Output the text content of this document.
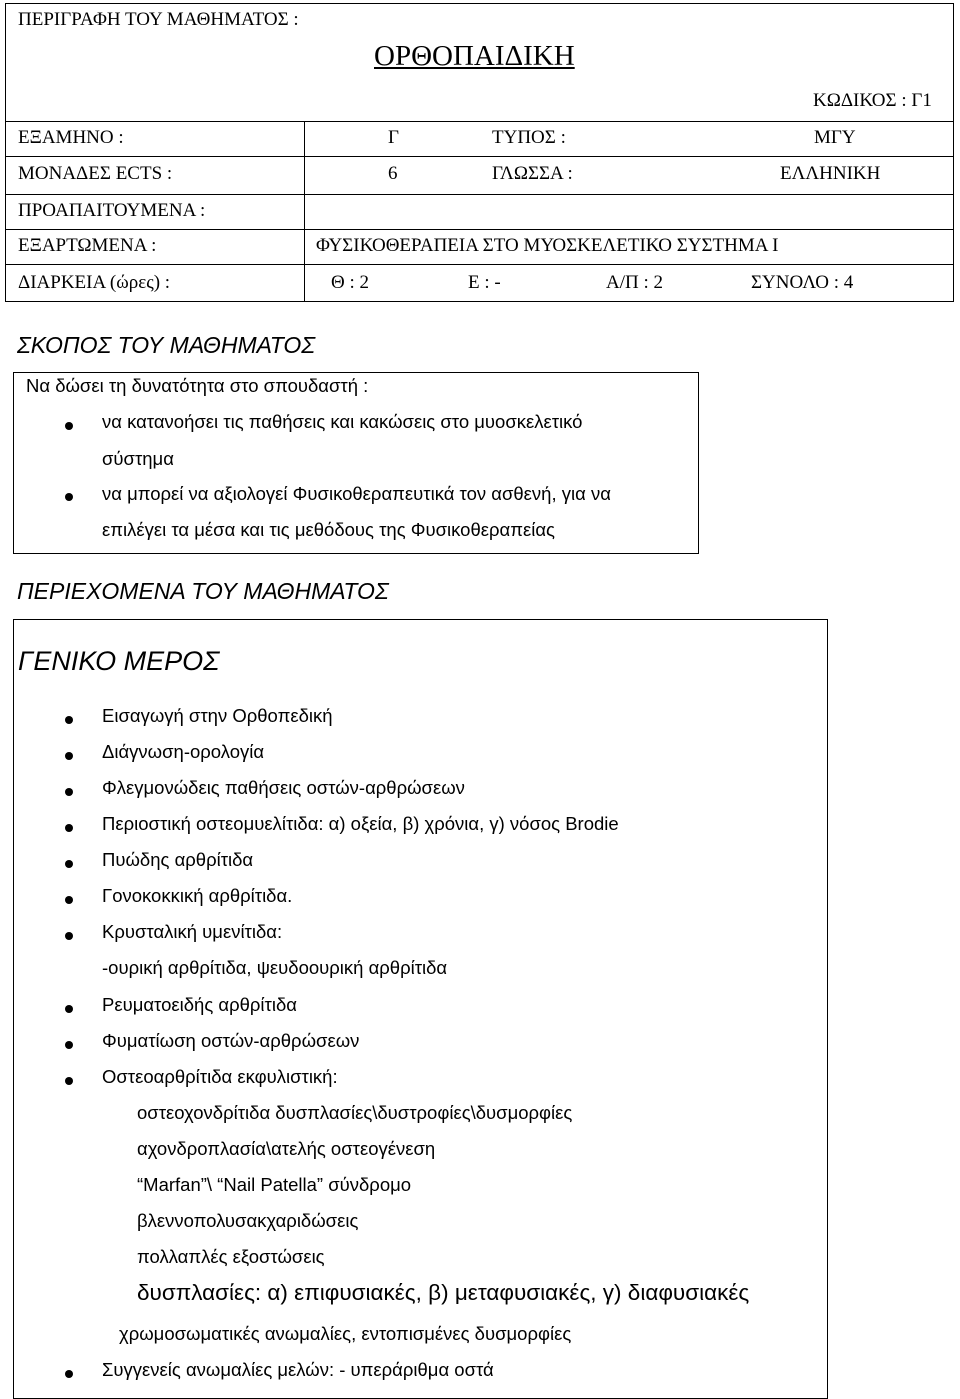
ΠΕΡΙΓΡΑΦΗ ΤΟΥ ΜΑΘΗΜΑΤΟΣ :
ΟΡΘΟΠΑΙΔΙΚΗ
ΚΩΔΙΚΟΣ : Γ1
ΕΞΑΜΗΝΟ :	Γ	ΤΥΠΟΣ :	ΜΓΥ
ΜΟΝΑΔΕΣ ECTS :	6	ΓΛΩΣΣΑ :	ΕΛΛΗΝΙΚΗ
ΠΡΟΑΠΑΙΤΟΥΜΕΝΑ :
ΕΞΑΡΤΩΜΕΝΑ :	ΦΥΣΙΚΟΘΕΡΑΠΕΙΑ ΣΤΟ ΜΥΟΣΚΕΛΕΤΙΚΟ ΣΥΣΤΗΜΑ Ι
ΔΙΑΡΚΕΙΑ (ώρες) :	Θ : 2	Ε : -	Α/Π : 2	ΣΥΝΟΛΟ : 4
ΣΚΟΠΟΣ ΤΟΥ ΜΑΘΗΜΑΤΟΣ
Να δώσει τη δυνατότητα στο σπουδαστή :
να κατανοήσει τις παθήσεις και κακώσεις στο μυοσκελετικό
σύστημα
να μπορεί να αξιολογεί Φυσικοθεραπευτικά τον ασθενή, για να
επιλέγει τα μέσα και τις μεθόδους της Φυσικοθεραπείας
ΠΕΡΙΕΧΟΜΕΝΑ ΤΟΥ ΜΑΘΗΜΑΤΟΣ
ΓΕΝΙΚΟ ΜΕΡΟΣ
Εισαγωγή στην Ορθοπεδική
Διάγνωση-ορολογία
Φλεγμονώδεις παθήσεις οστών-αρθρώσεων
Περιοστική οστεομυελίτιδα: α) οξεία, β) χρόνια, γ) νόσος Brodie
Πυώδης αρθρίτιδα
Γονοκοκκική αρθρίτιδα.
Κρυσταλική υμενίτιδα:
-ουρική αρθρίτιδα, ψευδοουρική αρθρίτιδα
Ρευματοειδής αρθρίτιδα
Φυματίωση οστών-αρθρώσεων
Οστεοαρθρίτιδα εκφυλιστική:
οστεοχονδρίτιδα δυσπλασίες\δυστροφίες\δυσμορφίες
αχονδροπλασία\ατελής οστεογένεση
“Marfan”\ “Nail Patella” σύνδρομο
βλεννοπολυσακχαριδώσεις
πολλαπλές εξοστώσεις
δυσπλασίες: α) επιφυσιακές, β) μεταφυσιακές, γ) διαφυσιακές
χρωμοσωματικές ανωμαλίες, εντοπισμένες δυσμορφίες
Συγγενείς ανωμαλίες μελών: - υπεράριθμα οστά
